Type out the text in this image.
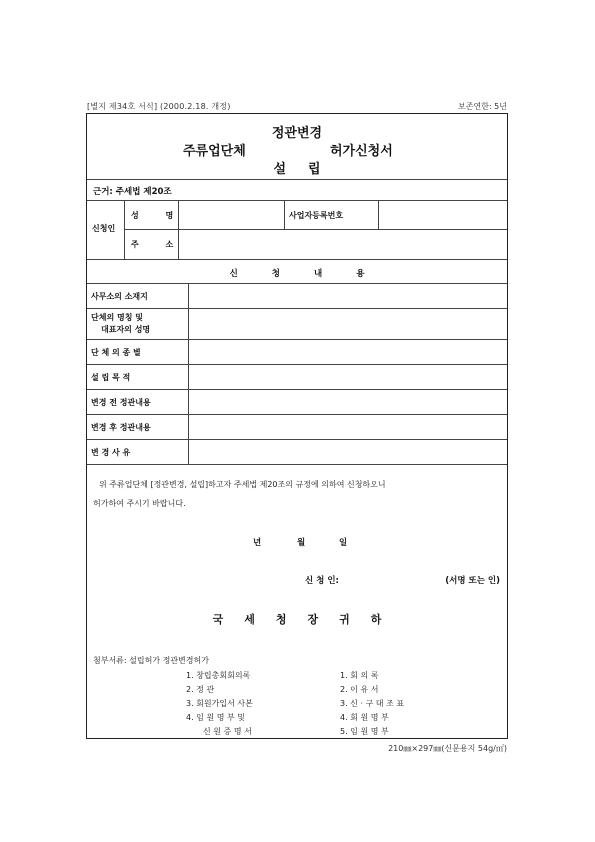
[별지 제34호 서식] (2000.2.18. 개정)	보존연한: 5년
정관변경
주류업단체	허가신청서
설립
근거: 주세법 제20조
신청인
성 명	사업자등록번호
주 소
신청내용
사무소의 소재지
단체의 명칭 및
대표자의 성명
단 체 의 종 별
설 립 목 적
변경 전 정관내용
변경 후 정관내용
변 경 사 유
위 주류업단체 [정관변경, 설립]하고자 주세법 제20조의 규정에 의하여 신청하오니
허가하여 주시기 바랍니다.
년	월	일
신 청 인:	(서명 또는 인)
국세청장귀하
첨부서류: 설립허가 정관변경허가
1. 창립총회회의록
2. 정 관
3. 회원가입서 사본
4. 임 원 명 부 및
신 원 증 명 서
1. 회 의 록
2. 이 유 서
3. 신 · 구 대 조 표
4. 회 원 명 부
5. 임 원 명 부
210㎜×297㎜(신문용지 54g/㎡)
